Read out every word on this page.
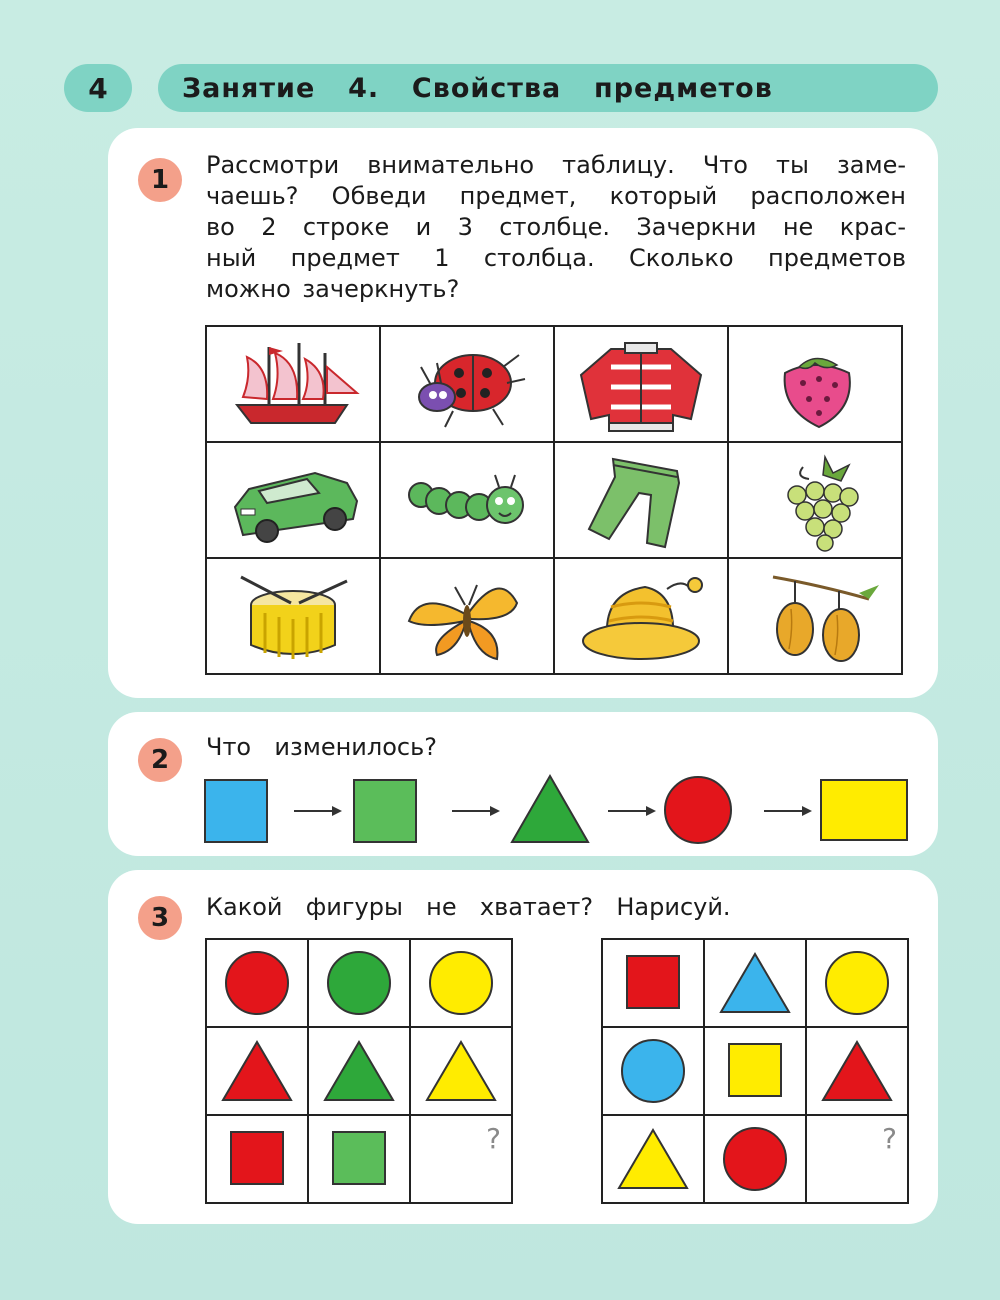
4	Занятие  4.  Свойства  предметов
1	Рассмотри внимательно таблицу. Что ты заме-
чаешь? Обведи предмет, который расположен
во 2 строке и 3 столбце. Зачеркни не крас-
ный предмет 1 столбца. Сколько предметов
можно зачеркнуть?

2	Что  изменилось?
3	Какой  фигуры  не  хватает?  Нарисуй.

?

		?
